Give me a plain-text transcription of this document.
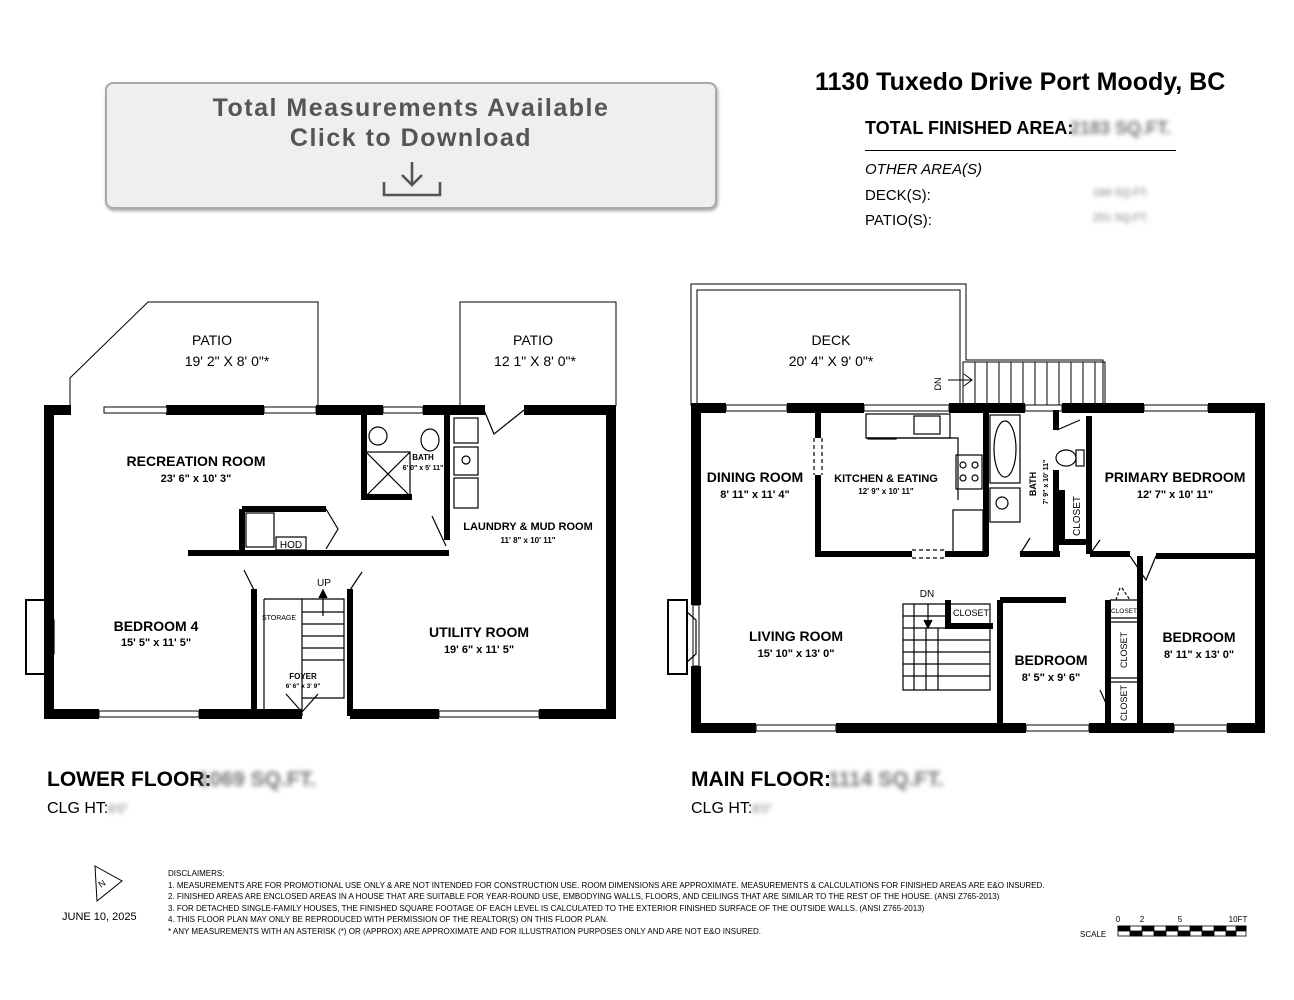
Total Measurements Available
Click to Download
1130 Tuxedo Drive Port Moody, BC
TOTAL FINISHED AREA:
2183 SQ.FT.
OTHER AREA(S)
DECK(S):	184 SQ.FT.
PATIO(S):	251 SQ.FT.
PATIO
19' 2" X 8' 0"*
PATIO
12 1" X 8' 0"*
RECREATION ROOM
23' 6" x 10' 3"
BATH
6' 0" x 5' 11"
LAUNDRY & MUD ROOM
11' 8" x 10' 11"
HOD
UP
STORAGE
FOYER
6' 6" x 3' 9"
BEDROOM 4
15' 5" x 11' 5"
UTILITY ROOM
19' 6" x 11' 5"
DECK
20' 4" X 9' 0"*
DN
DINING ROOM
8' 11" x 11' 4"
KITCHEN & EATING
12' 9" x 10' 11"	BATH 7' 9" x 10' 11"
CLOSET
PRIMARY BEDROOM
12' 7" x 10' 11"
DN
CLOSET	CLOSET
CLOSET
CLOSET
LIVING ROOM
15' 10" x 13' 0"	BEDROOM
8' 5" x 9' 6"
BEDROOM
8' 11" x 13' 0"
LOWER FLOOR:
1069 SQ.FT.
CLG HT: 8'0"
MAIN FLOOR:
1114 SQ.FT.
CLG HT: 8'0"
N
JUNE 10, 2025
DISCLAIMERS:
1. MEASUREMENTS ARE FOR PROMOTIONAL USE ONLY & ARE NOT INTENDED FOR CONSTRUCTION USE. ROOM DIMENSIONS ARE APPROXIMATE. MEASUREMENTS & CALCULATIONS FOR FINISHED AREAS ARE E&O INSURED.
2. FINISHED AREAS ARE ENCLOSED AREAS IN A HOUSE THAT ARE SUITABLE FOR YEAR-ROUND USE, EMBODYING WALLS, FLOORS, AND CEILINGS THAT ARE SIMILAR TO THE REST OF THE HOUSE. (ANSI Z765-2013)
3. FOR DETACHED SINGLE-FAMILY HOUSES, THE FINISHED SQUARE FOOTAGE OF EACH LEVEL IS CALCULATED TO THE EXTERIOR FINISHED SURFACE OF THE OUTSIDE WALLS. (ANSI Z765-2013)
4. THIS FLOOR PLAN MAY ONLY BE REPRODUCED WITH PERMISSION OF THE REALTOR(S) ON THIS FLOOR PLAN.
* ANY MEASUREMENTS WITH AN ASTERISK (*) OR (APPROX) ARE APPROXIMATE AND FOR ILLUSTRATION PURPOSES ONLY AND ARE NOT E&O INSURED.
0 2	5	10FT
SCALE
